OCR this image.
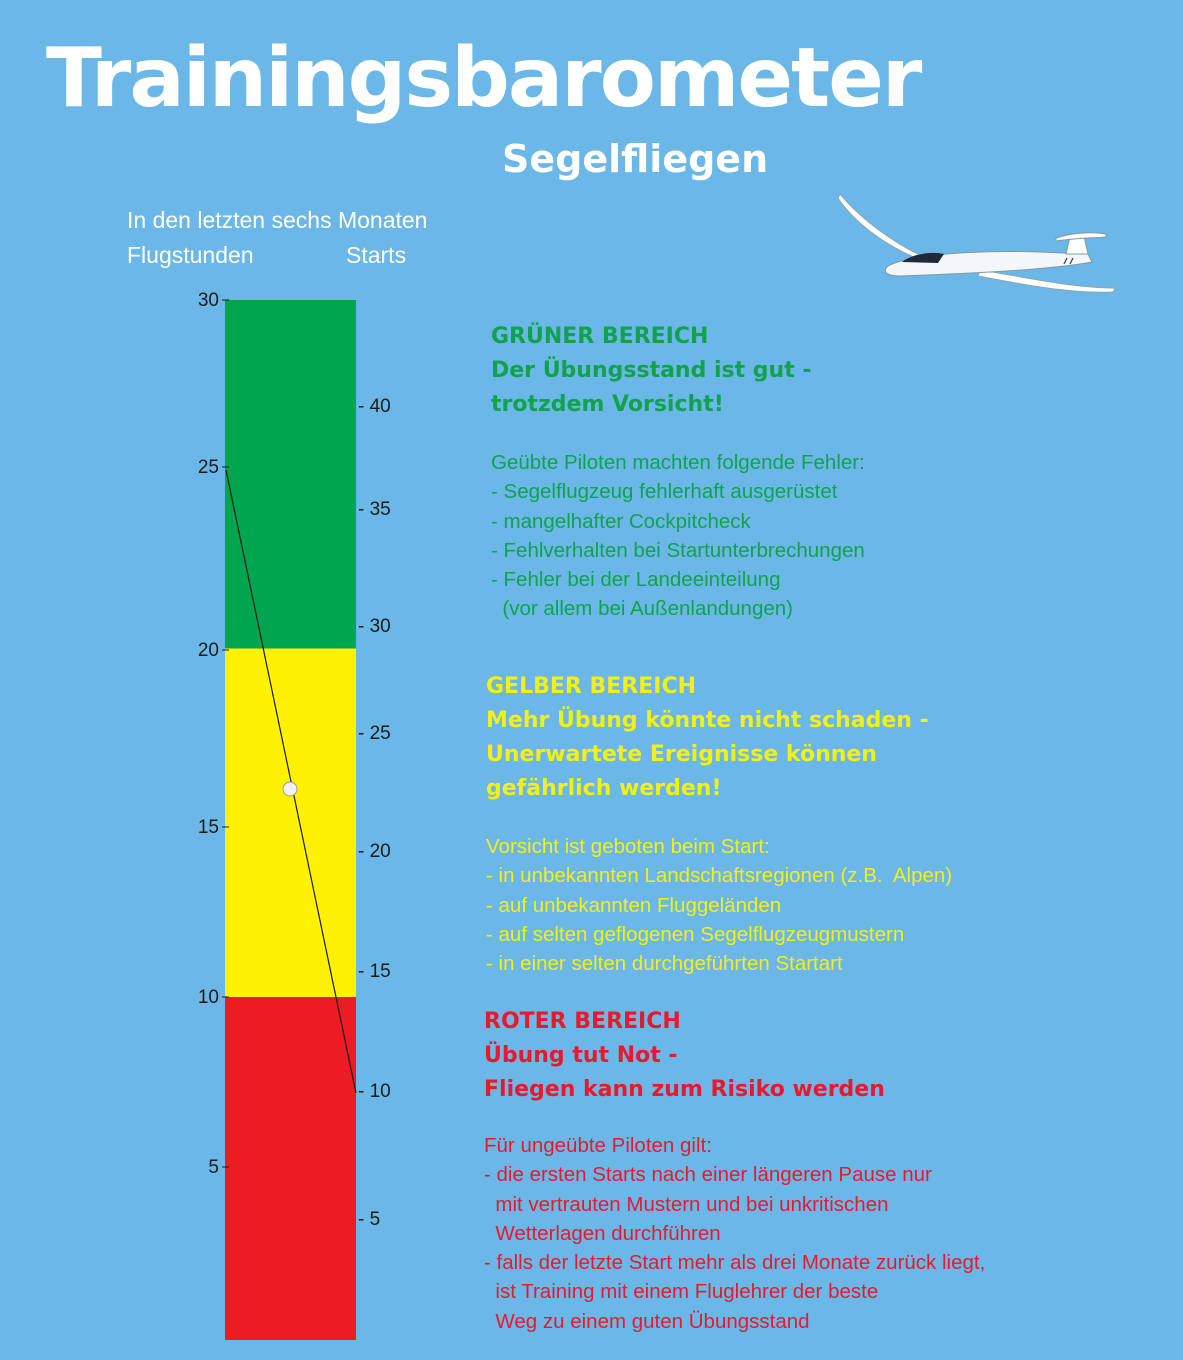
Trainingsbarometer
Segelfliegen
In den letzten sechs Monaten
Flugstunden	Starts
30
25
20
15
10
5
- 40
- 35
- 30
- 25
- 20
- 15
- 10
- 5
GRÜNER BEREICH
Der Übungsstand ist gut -
trotzdem Vorsicht!
Geübte Piloten machten folgende Fehler:
- Segelflugzeug fehlerhaft ausgerüstet
- mangelhafter Cockpitcheck
- Fehlverhalten bei Startunterbrechungen
- Fehler bei der Landeeinteilung
(vor allem bei Außenlandungen)
GELBER BEREICH
Mehr Übung könnte nicht schaden -
Unerwartete Ereignisse können
gefährlich werden!
Vorsicht ist geboten beim Start:
- in unbekannten Landschaftsregionen (z.B.  Alpen)
- auf unbekannten Fluggeländen
- auf selten geflogenen Segelflugzeugmustern
- in einer selten durchgeführten Startart
ROTER BEREICH
Übung tut Not -
Fliegen kann zum Risiko werden
Für ungeübte Piloten gilt:
- die ersten Starts nach einer längeren Pause nur
mit vertrauten Mustern und bei unkritischen
Wetterlagen durchführen
- falls der letzte Start mehr als drei Monate zurück liegt,
ist Training mit einem Fluglehrer der beste
Weg zu einem guten Übungsstand
